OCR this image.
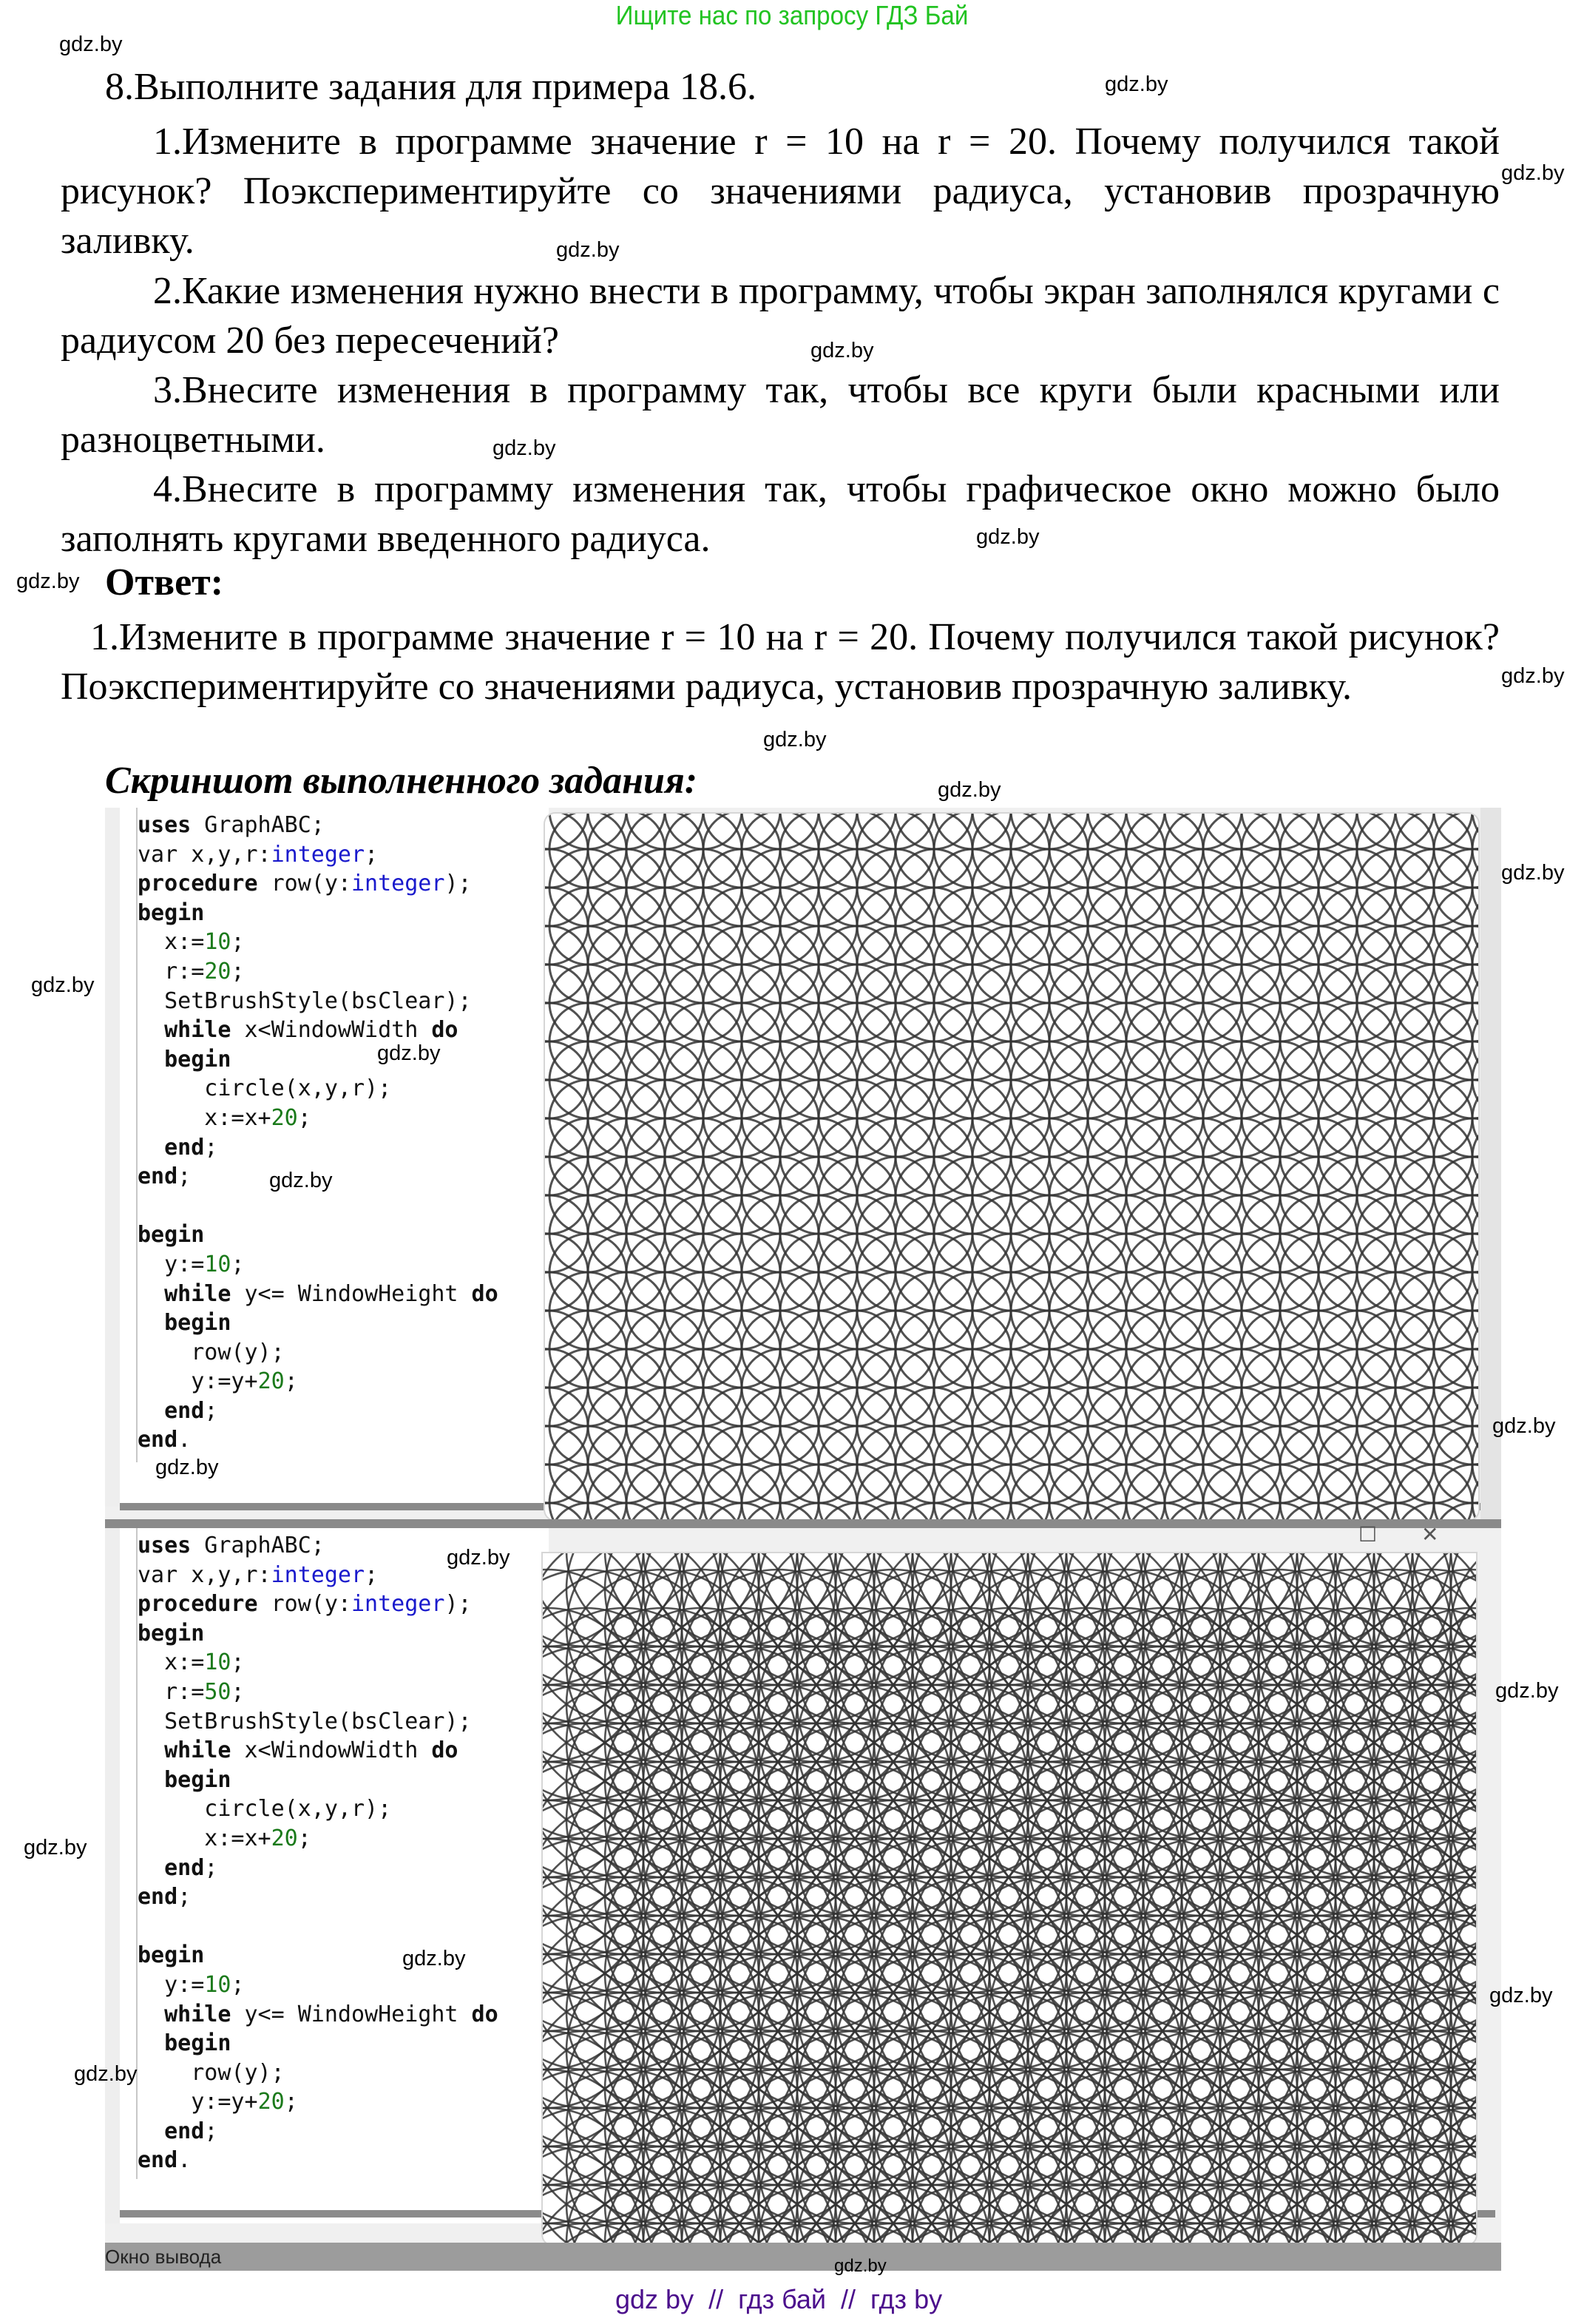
Ищите нас по запросу ГДЗ Бай
8.Выполните задания для примера 18.6.
1.Измените в программе значение r = 10 на r = 20. Почему получился такой рисунок? Поэкспериментируйте со значениями радиуса, установив прозрачную заливку.
2.Какие изменения нужно внести в программу, чтобы экран заполнялся кругами с радиусом 20 без пересечений?
3.Внесите изменения в программу так, чтобы все круги были красными или разноцветными.
4.Внесите в программу изменения так, чтобы графическое окно можно было заполнять кругами введенного радиуса.
Ответ:
1.Измените в программе значение r = 10 на r = 20. Почему получился такой рисунок? Поэкспериментируйте со значениями радиуса, установив прозрачную заливку.
Скриншот выполненного задания:
uses GraphABC;
var x,y,r:integer;
procedure row(y:integer);
begin
x:=10;
r:=20;
SetBrushStyle(bsClear);
while x<WindowWidth do
begin
circle(x,y,r);
x:=x+20;
end;
end;

begin
y:=10;
while y<= WindowHeight do
begin
row(y);
y:=y+20;
end;
end.
uses GraphABC;
var x,y,r:integer;
procedure row(y:integer);
begin
x:=10;
r:=50;
SetBrushStyle(bsClear);
while x<WindowWidth do
begin
circle(x,y,r);
x:=x+20;
end;
end;

begin
y:=10;
while y<= WindowHeight do
begin
row(y);
y:=y+20;
end;
end.
☐ ✕
Окно вывода
gdz.by
gdz.by
gdz.by
gdz.by
gdz.by
gdz.by
gdz.by
gdz.by
gdz.by
gdz.by
gdz.by
gdz.by
gdz.by
gdz.by
gdz.by
gdz.by
gdz.by
gdz.by
gdz.by
gdz.by
gdz.by
gdz.by
gdz.by
gdz.by
gdz by  //  гдз бай  //  гдз by
